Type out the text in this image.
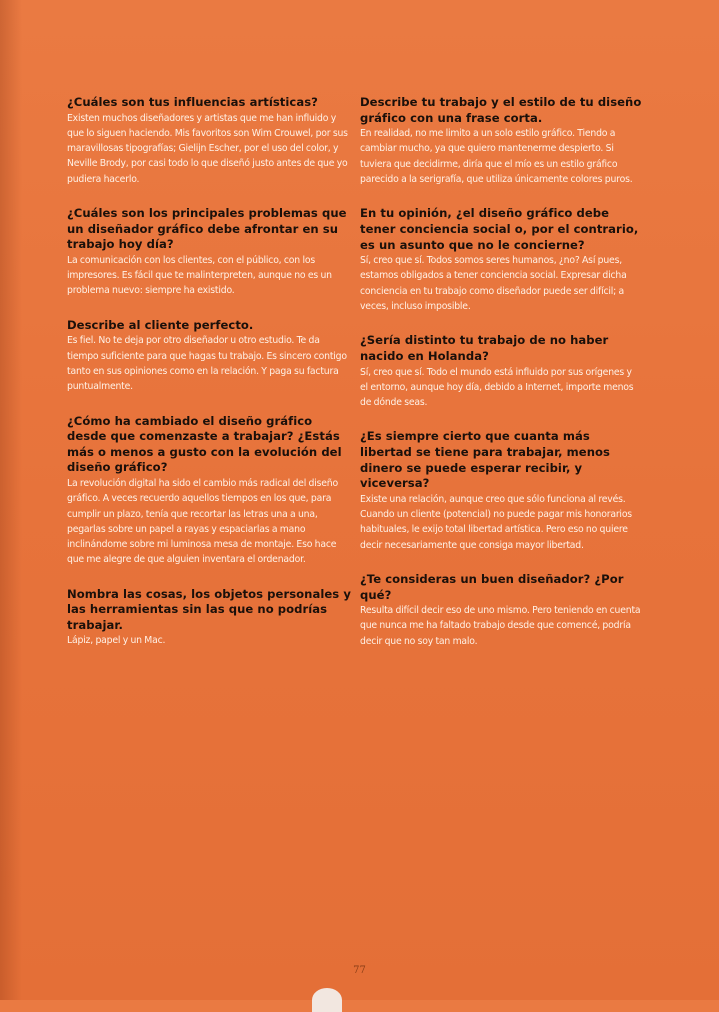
¿Cuáles son tus influencias artísticas?

Existen muchos diseñadores y artistas que me han influido y que lo siguen haciendo. Mis favoritos son Wim Crouwel, por sus maravillosas tipografías; Gielijn Escher, por el uso del color, y Neville Brody, por casi todo lo que diseñó justo antes de que yo pudiera hacerlo.

¿Cuáles son los principales problemas que un diseñador gráfico debe afrontar en su trabajo hoy día?

La comunicación con los clientes, con el público, con los impresores. Es fácil que te malinterpreten, aunque no es un problema nuevo: siempre ha existido.

Describe al cliente perfecto.

Es fiel. No te deja por otro diseñador u otro estudio. Te da tiempo suficiente para que hagas tu trabajo. Es sincero contigo tanto en sus opiniones como en la relación. Y paga su factura puntualmente.

¿Cómo ha cambiado el diseño gráfico desde que comenzaste a trabajar? ¿Estás más o menos a gusto con la evolución del diseño gráfico?

La revolución digital ha sido el cambio más radical del diseño gráfico. A veces recuerdo aquellos tiempos en los que, para cumplir un plazo, tenía que recortar las letras una a una, pegarlas sobre un papel a rayas y espaciarlas a mano inclinándome sobre mi luminosa mesa de montaje. Eso hace que me alegre de que alguien inventara el ordenador.

Nombra las cosas, los objetos personales y las herramientas sin las que no podrías trabajar.

Lápiz, papel y un Mac.

Describe tu trabajo y el estilo de tu diseño gráfico con una frase corta.

En realidad, no me limito a un solo estilo gráfico. Tiendo a cambiar mucho, ya que quiero mantenerme despierto. Si tuviera que decidirme, diría que el mío es un estilo gráfico parecido a la serigrafía, que utiliza únicamente colores puros.

En tu opinión, ¿el diseño gráfico debe tener conciencia social o, por el contrario, es un asunto que no le concierne?

Sí, creo que sí. Todos somos seres humanos, ¿no? Así pues, estamos obligados a tener conciencia social. Expresar dicha conciencia en tu trabajo como diseñador puede ser difícil; a veces, incluso imposible.

¿Sería distinto tu trabajo de no haber nacido en Holanda?

Sí, creo que sí. Todo el mundo está influido por sus orígenes y el entorno, aunque hoy día, debido a Internet, importe menos de dónde seas.

¿Es siempre cierto que cuanta más libertad se tiene para trabajar, menos dinero se puede esperar recibir, y viceversa?

Existe una relación, aunque creo que sólo funciona al revés. Cuando un cliente (potencial) no puede pagar mis honorarios habituales, le exijo total libertad artística. Pero eso no quiere decir necesariamente que consiga mayor libertad.

¿Te consideras un buen diseñador? ¿Por qué?

Resulta difícil decir eso de uno mismo. Pero teniendo en cuenta que nunca me ha faltado trabajo desde que comencé, podría decir que no soy tan malo.

77
